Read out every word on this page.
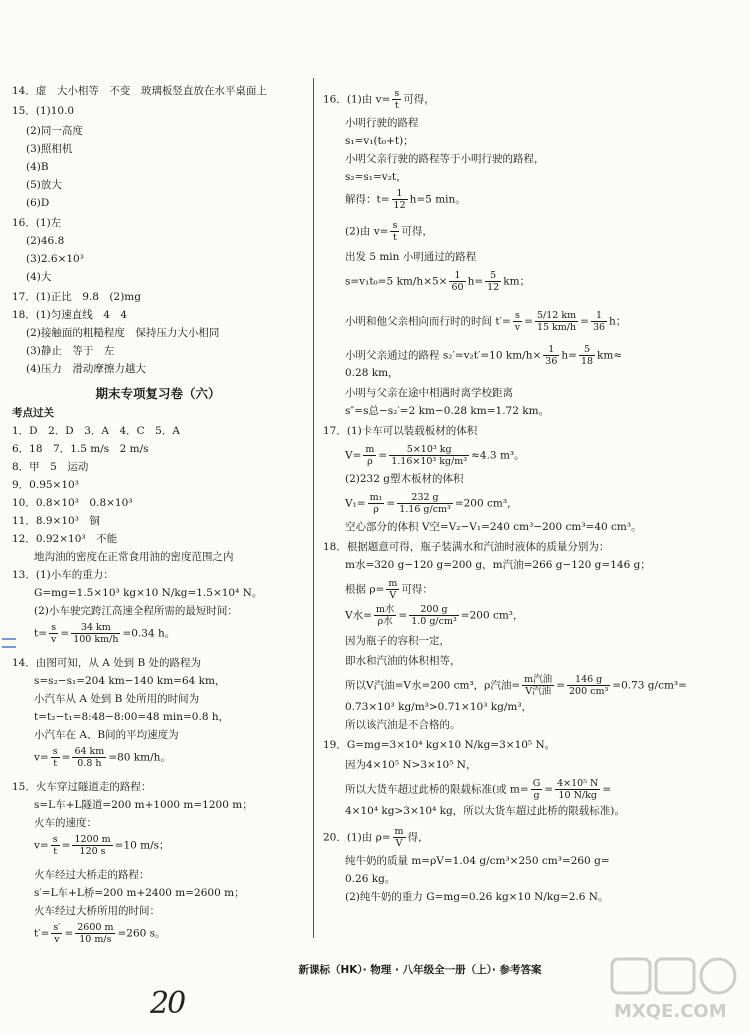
14．虚　大小相等　不变　玻璃板竖直放在水平桌面上
15．(1)10.0
(2)同一高度
(3)照相机
(4)B
(5)放大
(6)D
16．(1)左
(2)46.8
(3)2.6×10³
(4)大
17．(1)正比　9.8　(2)mg
18．(1)匀速直线　4　4
(2)接触面的粗糙程度　保持压力大小相同
(3)静止　等于　左
(4)压力　滑动摩擦力越大
期末专项复习卷（六）
考点过关
1．D　2．D　3．A　4．C　5．A
6．18　7．1.5 m/s　2 m/s
8．甲　5　运动
9．0.95×10³
10．0.8×10³　0.8×10³
11．8.9×10³　铜
12．0.92×10³　不能
地沟油的密度在正常食用油的密度范围之内
13．(1)小车的重力：
G=mg=1.5×10³ kg×10 N/kg=1.5×10⁴ N。
(2)小车驶完跨江高速全程所需的最短时间：
$t= \frac{s}{v} = \frac{34 km}{100 km/h} =0.34$ h。
14．由图可知，从 A 处到 B 处的路程为
s=s₂−s₁=204 km−140 km=64 km，
小汽车从 A 处到 B 处所用的时间为
t=t₂−t₁=8:48−8:00=48 min=0.8 h，
小汽车在 A、B间的平均速度为
$v= \frac{s}{t} = \frac{64 km}{0.8 h} =80$ km/h。
15．火车穿过隧道走的路程：
s=L车+L隧道=200 m+1000 m=1200 m；
火车的速度：
$v= \frac{s}{t} = \frac{1200 m}{120 s} =10$ m/s；
火车经过大桥走的路程：
s′=L车+L桥=200 m+2400 m=2600 m；
火车经过大桥所用的时间：
$t'= \frac{s'}{v} = \frac{2600 m}{10 m/s} =260$ s。
16．(1)由 $v= \frac{s}{t}$ 可得，
小明行驶的路程
s₁=v₁(t₀+t)；
小明父亲行驶的路程等于小明行驶的路程，
s₂=s₁=v₂t，
解得：$t= \frac{1}{12} h=5$ min。
(2)由 $v= \frac{s}{t}$ 可得，
出发 5 min 小明通过的路程
s=v₁t₀=5 $km/h\times 5\times \frac{1}{60} h= \frac{5}{12}$ km；
小明和他父亲相向而行时的时间 $t'= \frac{s}{v} = \frac{5/12 km}{15 km/h} = \frac{1}{36}$ h；
小明父亲通过的路程 s₂′=v₂t′=10 $km/h\times \frac{1}{36} h= \frac{5}{18} km\approx$
0.28 km，
小明与父亲在途中相遇时离学校距离
s″=s总−s₂′=2 km−0.28 km=1.72 km。
17．(1)卡车可以装载板材的体积
$V= \frac{m}{\rho} = \frac{\text{5×10³ kg}}{\text{1.16×10³ kg/m³}} \approx 4.3$ m³。
(2)232 g塑木板材的体积
$V_1= \frac{\text{m₁}}{\rho} = \frac{232 g}{\text{1.16 g/cm³}} =200$ cm³，
空心部分的体积 V空=V₂−V₁=240 cm³−200 cm³=40 cm³。
18．根据题意可得，瓶子装满水和汽油时液体的质量分别为：
m水=320 g−120 g=200 g，m汽油=266 g−120 g=146 g；
根据 $\rho= \frac{m}{V}$ 可得：
V水= $\frac{\text{m水}}{\text{ρ水}} = \frac{200 g}{\text{1.0 g/cm³}} =200$ cm³，
因为瓶子的容积一定，
即水和汽油的体积相等，
所以V汽油=V水=200 cm³，ρ汽油= $\frac{\text{m汽油}}{\text{V汽油}} = \frac{146 g}{\text{200 cm³}} =0.73$ g/cm³=
0.73×10³ kg/m³>0.71×10³ kg/m³，
所以该汽油是不合格的。
19．G=mg=3×10⁴ kg×10 N/kg=3×10⁵ N。
因为4×10⁵ N>3×10⁵ N，
所以大货车超过此桥的限载标准(或 $m= \frac{G}{g} = \frac{\text{4×10⁵ N}}{10 N/kg}$ =
4×10⁴ kg>3×10⁴ kg，所以大货车超过此桥的限载标准)。
20．(1)由 $\rho= \frac{m}{V}$ 得，
纯牛奶的质量 m=ρV=1.04 g/cm³×250 cm³=260 g=
0.26 kg。
(2)纯牛奶的重力 G=mg=0.26 kg×10 N/kg=2.6 N。
新课标（HK）· 物理 · 八年级全一册（上）· 参考答案
20	MXQE.COM
